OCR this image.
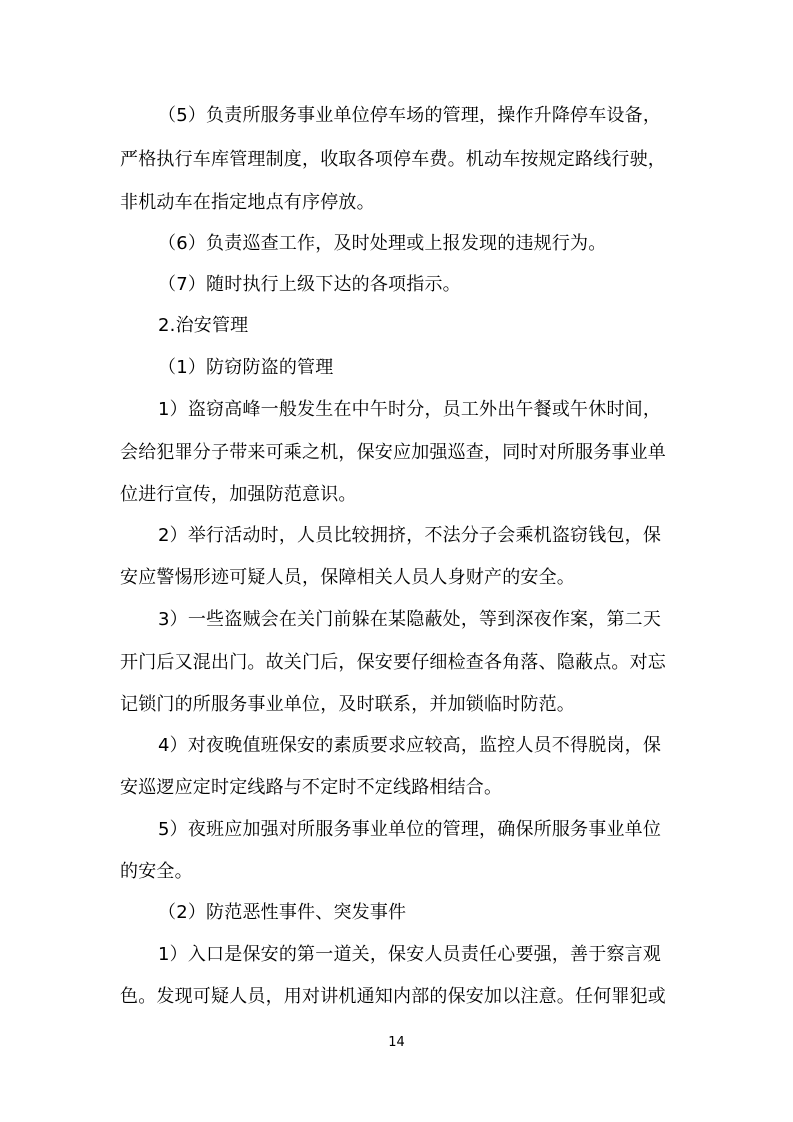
（5）负责所服务事业单位停车场的管理，操作升降停车设备，
严格执行车库管理制度，收取各项停车费。机动车按规定路线行驶，
非机动车在指定地点有序停放。
（6）负责巡查工作，及时处理或上报发现的违规行为。
（7）随时执行上级下达的各项指示。
2.治安管理
（1）防窃防盗的管理
1）盗窃高峰一般发生在中午时分，员工外出午餐或午休时间，
会给犯罪分子带来可乘之机，保安应加强巡查，同时对所服务事业单
位进行宣传，加强防范意识。
2）举行活动时，人员比较拥挤，不法分子会乘机盗窃钱包，保
安应警惕形迹可疑人员，保障相关人员人身财产的安全。
3）一些盗贼会在关门前躲在某隐蔽处，等到深夜作案，第二天
开门后又混出门。故关门后，保安要仔细检查各角落、隐蔽点。对忘
记锁门的所服务事业单位，及时联系，并加锁临时防范。
4）对夜晚值班保安的素质要求应较高，监控人员不得脱岗，保
安巡逻应定时定线路与不定时不定线路相结合。
5）夜班应加强对所服务事业单位的管理，确保所服务事业单位
的安全。
（2）防范恶性事件、突发事件
1）入口是保安的第一道关，保安人员责任心要强，善于察言观
色。发现可疑人员，用对讲机通知内部的保安加以注意。任何罪犯或
14
